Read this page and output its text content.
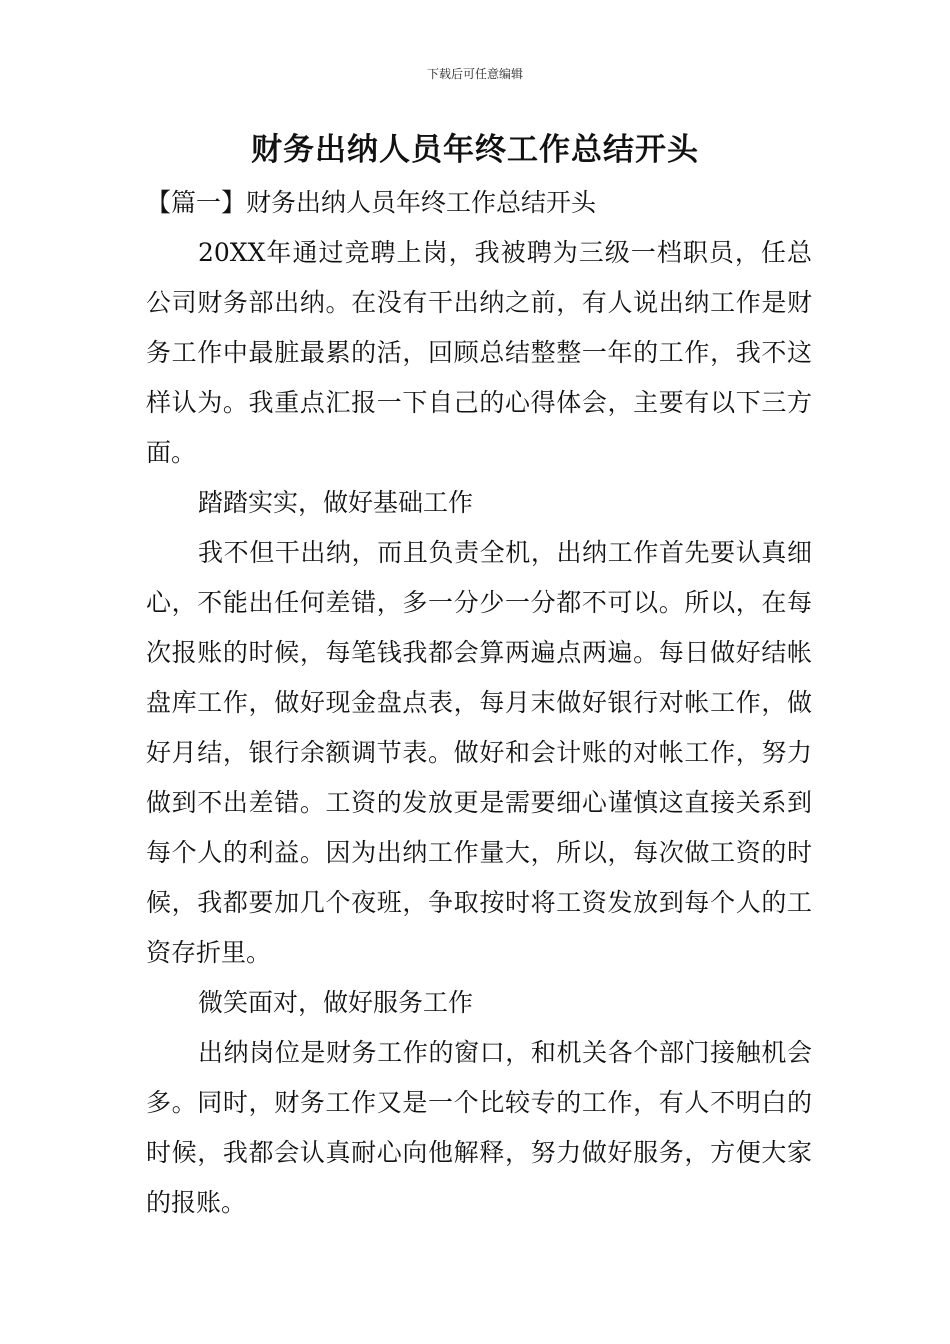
下载后可任意编辑
财务出纳人员年终工作总结开头

【篇一】财务出纳人员年终工作总结开头

20XX年通过竞聘上岗，我被聘为三级一档职员，任总公司财务部出纳。在没有干出纳之前，有人说出纳工作是财务工作中最脏最累的活，回顾总结整整一年的工作，我不这样认为。我重点汇报一下自己的心得体会，主要有以下三方面。

踏踏实实，做好基础工作

我不但干出纳，而且负责全机，出纳工作首先要认真细心，不能出任何差错，多一分少一分都不可以。所以，在每次报账的时候，每笔钱我都会算两遍点两遍。每日做好结帐盘库工作，做好现金盘点表，每月末做好银行对帐工作，做好月结，银行余额调节表。做好和会计账的对帐工作，努力做到不出差错。工资的发放更是需要细心谨慎这直接关系到每个人的利益。因为出纳工作量大，所以，每次做工资的时候，我都要加几个夜班，争取按时将工资发放到每个人的工资存折里。

微笑面对，做好服务工作

出纳岗位是财务工作的窗口，和机关各个部门接触机会多。同时，财务工作又是一个比较专的工作，有人不明白的时候，我都会认真耐心向他解释，努力做好服务，方便大家的报账。
